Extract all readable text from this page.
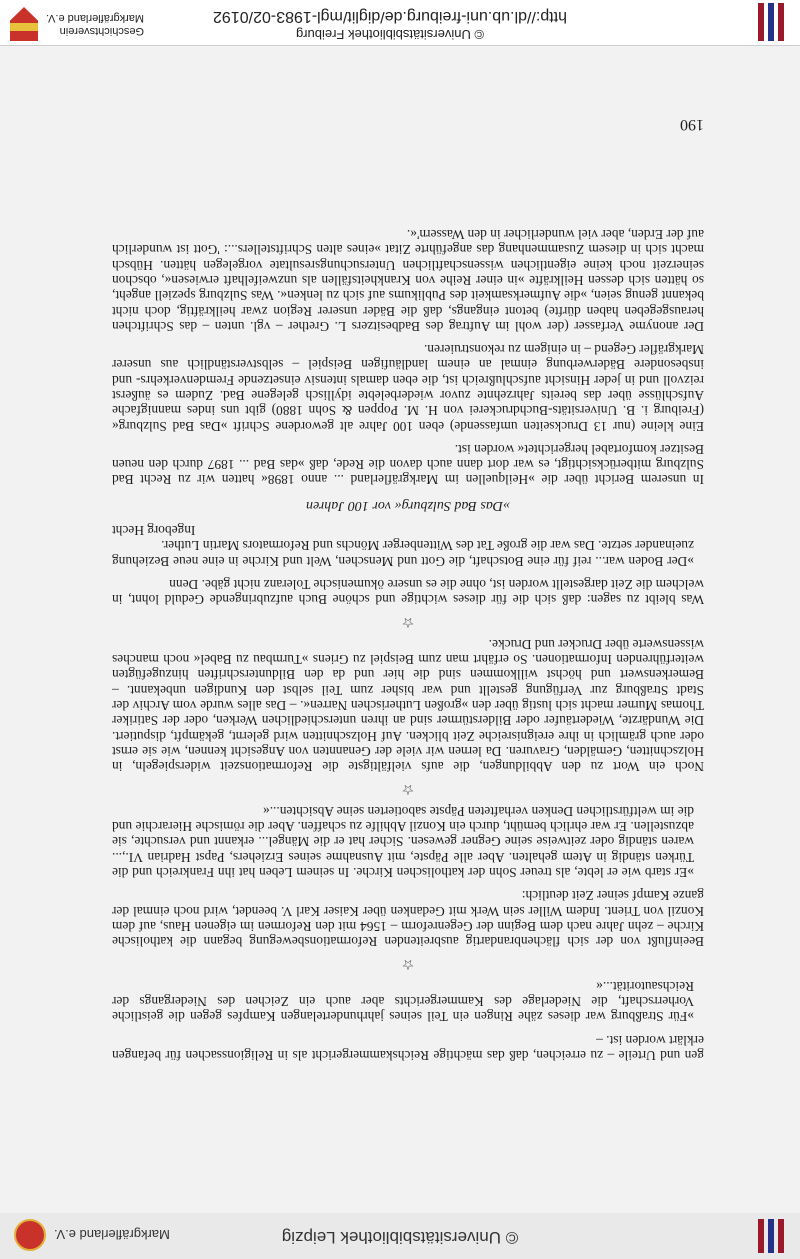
© Universitätsbibliothek Leipzig
Markgräflerland e.V.

gen und Urteile – zu erreichen, daß das mächtige Reichskammergericht als in Religionssachen für befangen erklärt worden ist. –

»Für Straßburg war dieses zähe Ringen ein Teil seines jahrhundertelangen Kampfes gegen die geistliche Vorherrschaft, die Niederlage des Kammergerichts aber auch ein Zeichen des Niedergangs der Reichsautorität...«

☆

Beeinflußt von der sich flächenbrandartig ausbreitenden Reformationsbewegung begann die katholische Kirche – zehn Jahre nach dem Beginn der Gegenreform – 1564 mit den Reformen im eigenen Haus, auf dem Konzil von Trient. Indem Willer sein Werk mit Gedanken über Kaiser Karl V. beendet, wird noch einmal der ganze Kampf seiner Zeit deutlich:

»Er starb wie er lebte, als treuer Sohn der katholischen Kirche. In seinem Leben hat ihn Frankreich und die Türken ständig in Atem gehalten. Aber alle Päpste, mit Ausnahme seines Erziehers, Papst Hadrian VI.,... waren ständig oder zeitweise seine Gegner gewesen. Sicher hat er die Mängel... erkannt und versuchte, sie abzustellen. Er war ehrlich bemüht, durch ein Konzil Abhilfe zu schaffen. Aber die römische Hierarchie und die im weltfürstlichen Denken verhafteten Päpste sabotierten seine Absichten...«

☆

Noch ein Wort zu den Abbildungen, die aufs vielfältigste die Reformationszeit widerspiegeln, in Holzschnitten, Gemälden, Gravuren. Da lernen wir viele der Genannten von Angesicht kennen, wie sie ernst oder auch grämlich in ihre ereignisreiche Zeit blicken. Auf Holzschnitten wird gelernt, gekämpft, disputiert. Die Wundärzte, Wiedertäufer oder Bilderstürmer sind an ihren unterschiedlichen Werken, oder der Satiriker Thomas Murner macht sich lustig über den »großen Lutherischen Narren«. – Das alles wurde vom Archiv der Stadt Straßburg zur Verfügung gestellt und war bisher zum Teil selbst den Kundigen unbekannt. – Bemerkenswert und höchst willkommen sind die hier und da den Bildunterschriften hinzugefügten weiterführenden Informationen. So erfährt man zum Beispiel zu Griens »Turmbau zu Babel« noch manches wissenswerte über Drucker und Drucke.

☆

Was bleibt zu sagen: daß sich die für dieses wichtige und schöne Buch aufzubringende Geduld lohnt, in welchem die Zeit dargestellt worden ist, ohne die es unsere ökumenische Toleranz nicht gäbe. Denn

»Der Boden war... reif für eine Botschaft, die Gott und Menschen, Welt und Kirche in eine neue Beziehung zueinander setzte. Das war die große Tat des Wittenberger Mönchs und Reformators Martin Luther.

Ingeborg Hecht
»Das Bad Sulzburg« vor 100 Jahren

In unserem Bericht über die »Heilquellen im Markgräflerland ... anno 1898« hatten wir zu Recht Bad Sulzburg mitberücksichtigt, es war dort dann auch davon die Rede, daß »das Bad ... 1897 durch den neuen Besitzer komfortabel hergerichtet« worden ist.

Eine kleine (nur 13 Druckseiten umfassende) eben 100 Jahre alt gewordene Schrift »Das Bad Sulzburg« (Freiburg i. B. Universitäts-Buchdruckerei von H. M. Poppen & Sohn 1880) gibt uns indes mannigfache Aufschlüsse über das bereits Jahrzehnte zuvor wiederbelebte idyllisch gelegene Bad. Zudem es äußerst reizvoll und in jeder Hinsicht aufschlußreich ist, die eben damals intensiv einsetzende Fremdenverkehrs- und insbesondere Bäderwerbung einmal an einem landläufigen Beispiel – selbstverständlich aus unserer Markgräfler Gegend – in einigem zu rekonstruieren.

Der anonyme Verfasser (der wohl im Auftrag des Badbesitzers L. Grether – vgl. unten – das Schriftchen herausgegeben haben dürfte) betont eingangs, daß die Bäder unserer Region zwar heilkräftig, doch nicht bekannt genug seien, »die Aufmerksamkeit des Publikums auf sich zu lenken«. Was Sulzburg speziell angeht, so hätten sich dessen Heilkräfte »in einer Reihe von Krankheitsfällen als unzweifelhaft erwiesen«, obschon seinerzeit noch keine eigentlichen wissenschaftlichen Untersuchungsresultate vorgelegen hätten. Hübsch macht sich in diesem Zusammenhang das angeführte Zitat »eines alten Schriftstellers...: 'Gott ist wunderlich auf der Erden, aber viel wunderlicher in den Wassern'«.

190
© Universitätsbibliothek Freiburg
http://dl.ub.uni-freiburg.de/diglit/mgl-1983-02/0192
Geschichtsverein
Markgräflerland e.V.
